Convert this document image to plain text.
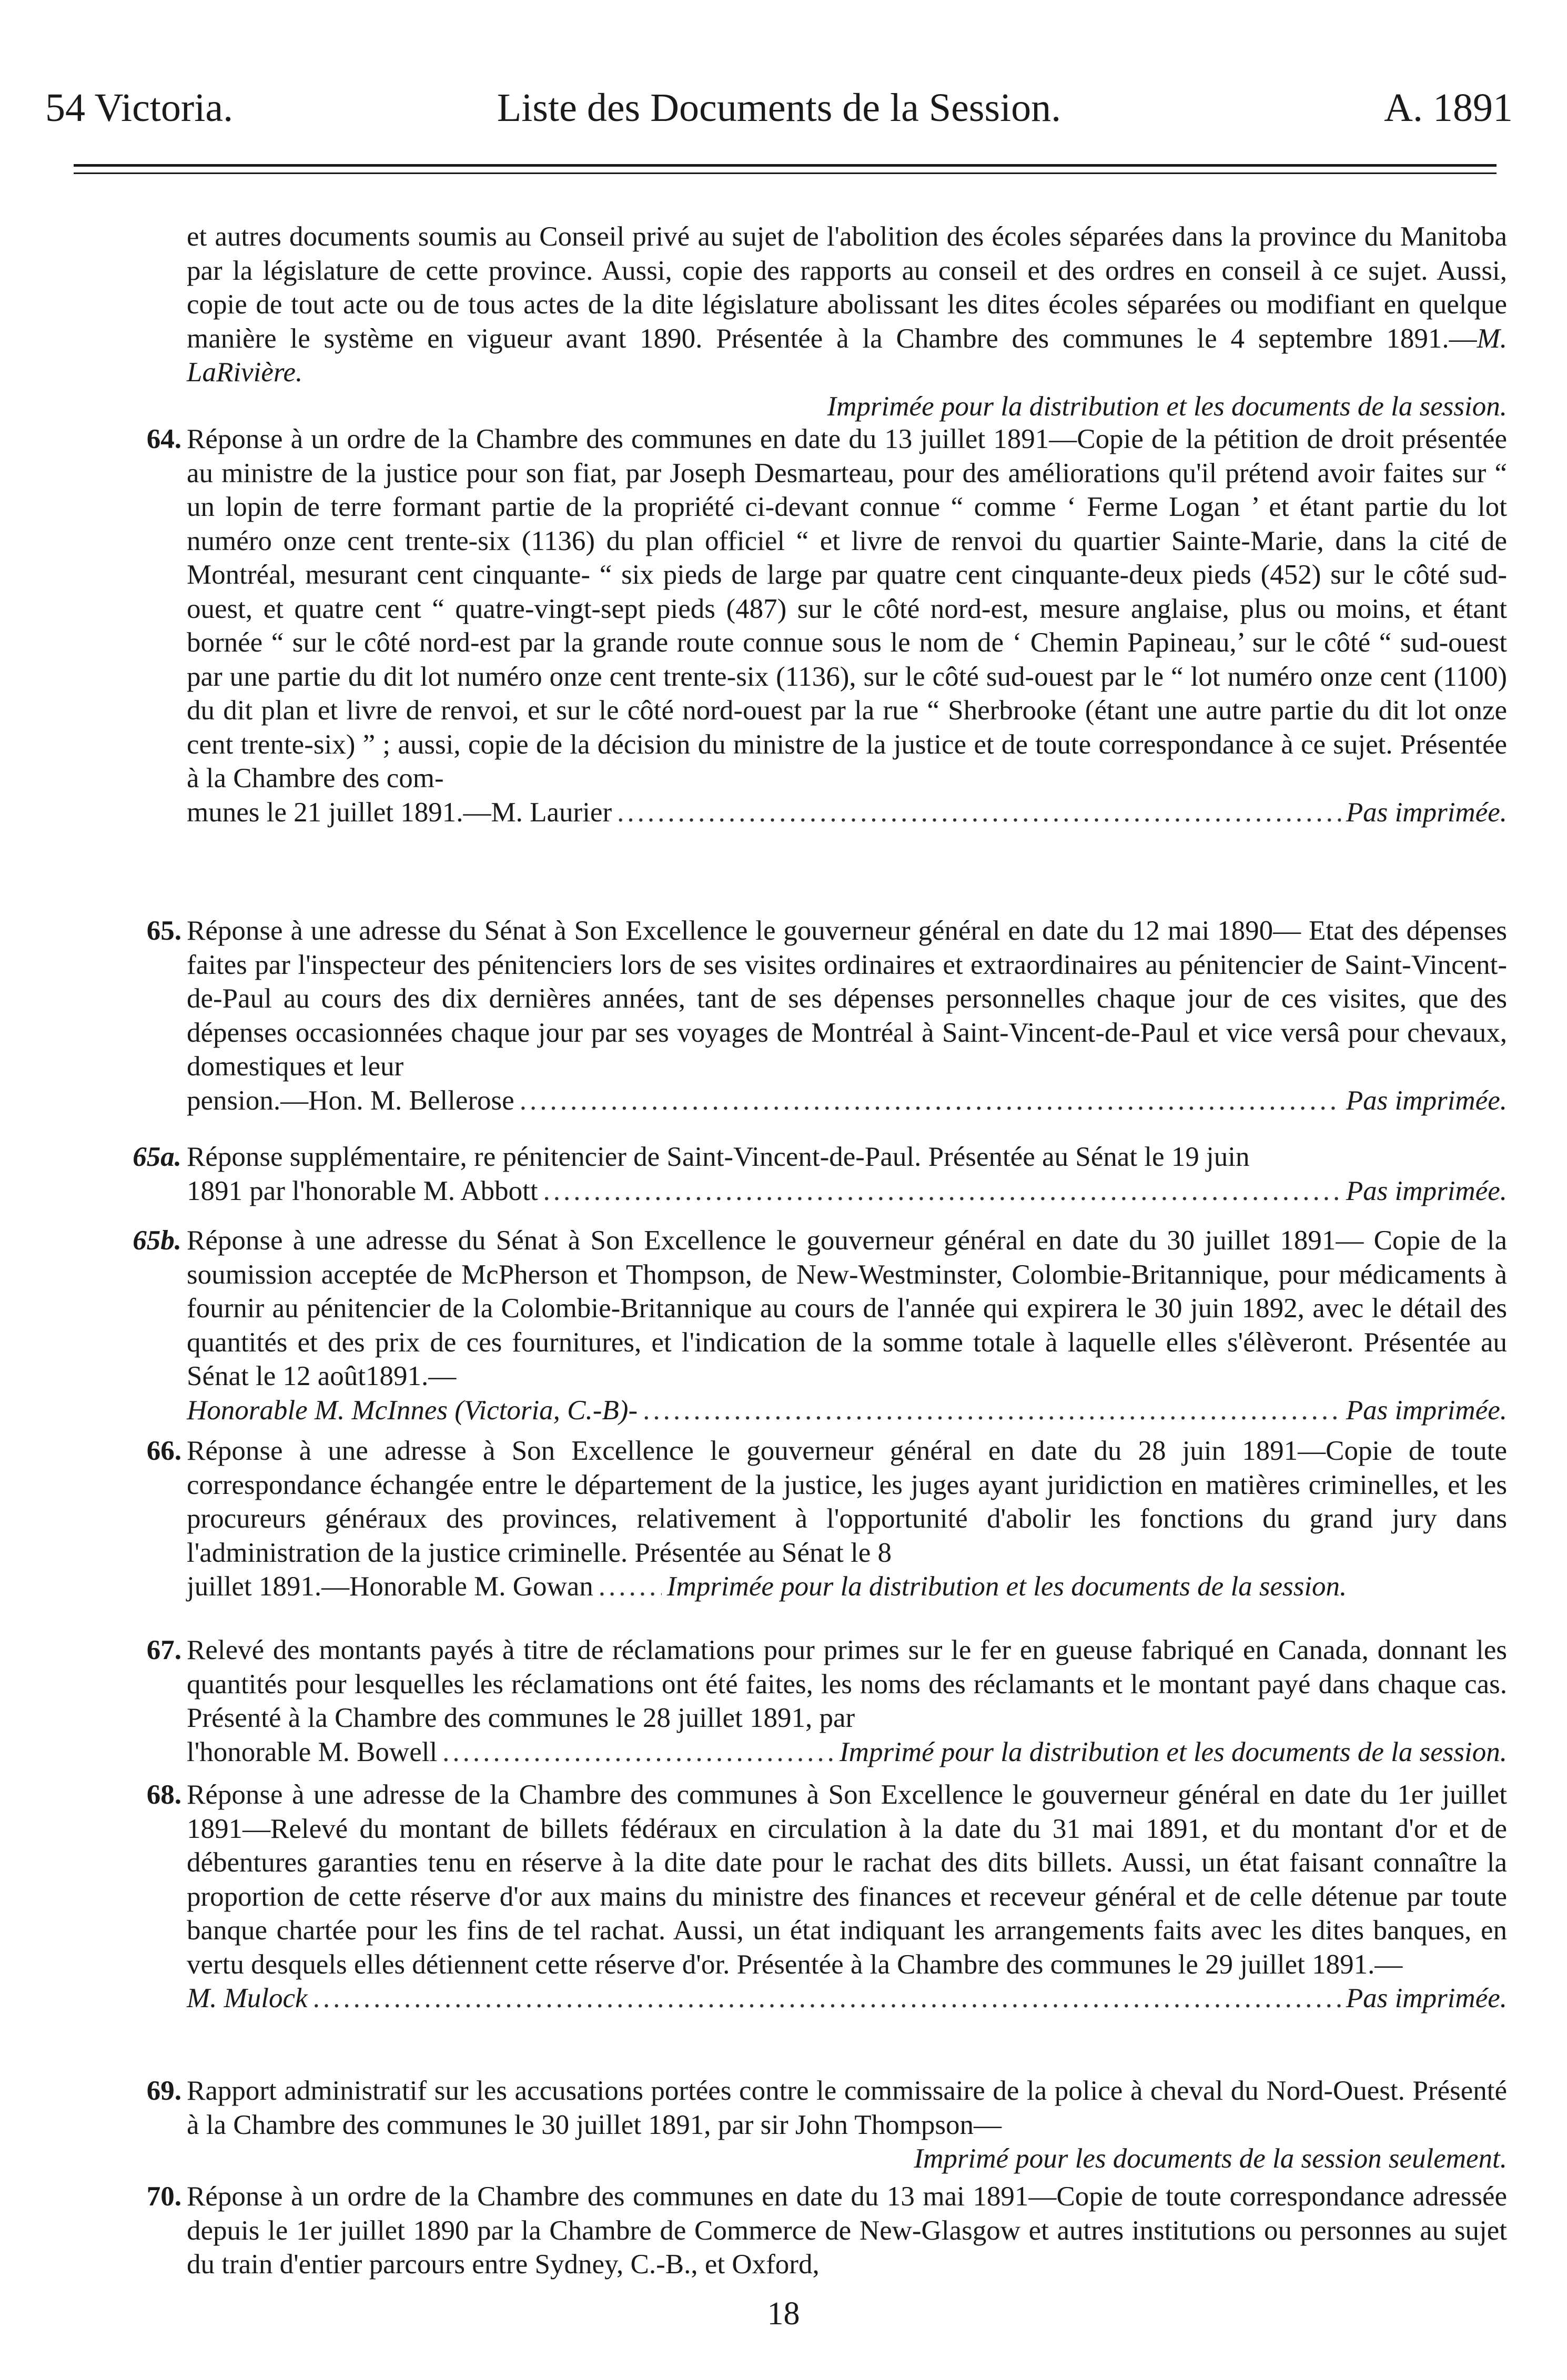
54 Victoria.	Liste des Documents de la Session.	A. 1891

et autres documents soumis au Conseil privé au sujet de l'abolition des écoles séparées dans la province du Manitoba par la législature de cette province. Aussi, copie des rapports au conseil et des ordres en conseil à ce sujet. Aussi, copie de tout acte ou de tous actes de la dite législature abolissant les dites écoles séparées ou modifiant en quelque manière le système en vigueur avant 1890. Présentée à la Chambre des communes le 4 septembre 1891.—M. LaRivière.

Imprimée pour la distribution et les documents de la session.

64. Réponse à un ordre de la Chambre des communes en date du 13 juillet 1891—Copie de la pétition de droit présentée au ministre de la justice pour son fiat, par Joseph Desmarteau, pour des améliorations qu'il prétend avoir faites sur “ un lopin de terre formant partie de la propriété ci-devant connue “ comme ‘ Ferme Logan ’ et étant partie du lot numéro onze cent trente-six (1136) du plan officiel “ et livre de renvoi du quartier Sainte-Marie, dans la cité de Montréal, mesurant cent cinquante- “ six pieds de large par quatre cent cinquante-deux pieds (452) sur le côté sud-ouest, et quatre cent “ quatre-vingt-sept pieds (487) sur le côté nord-est, mesure anglaise, plus ou moins, et étant bornée “ sur le côté nord-est par la grande route connue sous le nom de ‘ Chemin Papineau,’ sur le côté “ sud-ouest par une partie du dit lot numéro onze cent trente-six (1136), sur le côté sud-ouest par le “ lot numéro onze cent (1100) du dit plan et livre de renvoi, et sur le côté nord-ouest par la rue “ Sherbrooke (étant une autre partie du dit lot onze cent trente-six) ” ; aussi, copie de la décision du ministre de la justice et de toute correspondance à ce sujet. Présentée à la Chambre des com-

munes le 21 juillet 1891.—M. Laurier .....	Pas imprimée.
65. Réponse à une adresse du Sénat à Son Excellence le gouverneur général en date du 12 mai 1890— Etat des dépenses faites par l'inspecteur des pénitenciers lors de ses visites ordinaires et extraordinaires au pénitencier de Saint-Vincent-de-Paul au cours des dix dernières années, tant de ses dépenses personnelles chaque jour de ces visites, que des dépenses occasionnées chaque jour par ses voyages de Montréal à Saint-Vincent-de-Paul et vice versâ pour chevaux, domestiques et leur

pension.—Hon. M. Bellerose .....	Pas imprimée.
65a. Réponse supplémentaire, re pénitencier de Saint-Vincent-de-Paul. Présentée au Sénat le 19 juin

1891 par l'honorable M. Abbott .....	Pas imprimée.
65b. Réponse à une adresse du Sénat à Son Excellence le gouverneur général en date du 30 juillet 1891— Copie de la soumission acceptée de McPherson et Thompson, de New-Westminster, Colombie-Britannique, pour médicaments à fournir au pénitencier de la Colombie-Britannique au cours de l'année qui expirera le 30 juin 1892, avec le détail des quantités et des prix de ces fournitures, et l'indication de la somme totale à laquelle elles s'élèveront. Présentée au Sénat le 12 août1891.—

Honorable M. McInnes (Victoria, C.-B)- .....	Pas imprimée.
66. Réponse à une adresse à Son Excellence le gouverneur général en date du 28 juin 1891—Copie de toute correspondance échangée entre le département de la justice, les juges ayant juridiction en matières criminelles, et les procureurs généraux des provinces, relativement à l'opportunité d'abolir les fonctions du grand jury dans l'administration de la justice criminelle. Présentée au Sénat le 8

juillet 1891.—Honorable M. Gowan .....	Imprimée pour la distribution et les documents de la session.
67. Relevé des montants payés à titre de réclamations pour primes sur le fer en gueuse fabriqué en Canada, donnant les quantités pour lesquelles les réclamations ont été faites, les noms des réclamants et le montant payé dans chaque cas. Présenté à la Chambre des communes le 28 juillet 1891, par

l'honorable M. Bowell .....	Imprimé pour la distribution et les documents de la session.
68. Réponse à une adresse de la Chambre des communes à Son Excellence le gouverneur général en date du 1er juillet 1891—Relevé du montant de billets fédéraux en circulation à la date du 31 mai 1891, et du montant d'or et de débentures garanties tenu en réserve à la dite date pour le rachat des dits billets. Aussi, un état faisant connaître la proportion de cette réserve d'or aux mains du ministre des finances et receveur général et de celle détenue par toute banque chartée pour les fins de tel rachat. Aussi, un état indiquant les arrangements faits avec les dites banques, en vertu desquels elles détiennent cette réserve d'or. Présentée à la Chambre des communes le 29 juillet 1891.—

M. Mulock .....	Pas imprimée.
69. Rapport administratif sur les accusations portées contre le commissaire de la police à cheval du Nord-Ouest. Présenté à la Chambre des communes le 30 juillet 1891, par sir John Thompson—

Imprimé pour les documents de la session seulement.

70. Réponse à un ordre de la Chambre des communes en date du 13 mai 1891—Copie de toute correspondance adressée depuis le 1er juillet 1890 par la Chambre de Commerce de New-Glasgow et autres institutions ou personnes au sujet du train d'entier parcours entre Sydney, C.-B., et Oxford,

18
